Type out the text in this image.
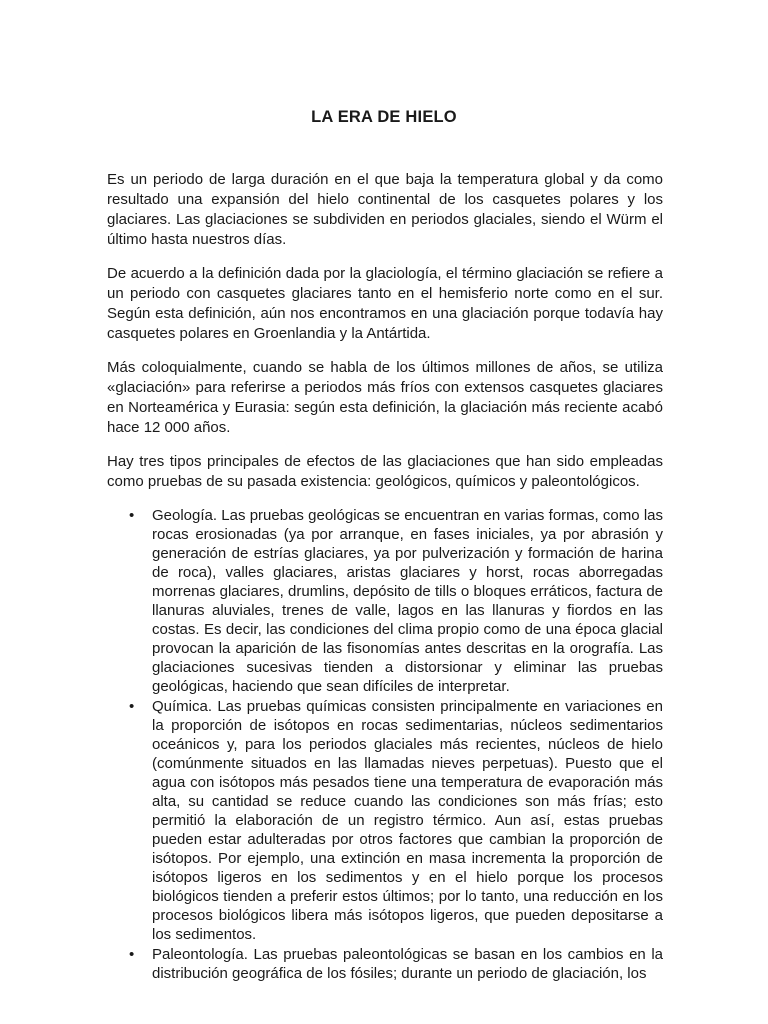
LA ERA DE HIELO

Es un periodo de larga duración en el que baja la temperatura global y da como resultado una expansión del hielo continental de los casquetes polares y los glaciares. Las glaciaciones se subdividen en periodos glaciales, siendo el Würm el último hasta nuestros días.

De acuerdo a la definición dada por la glaciología, el término glaciación se refiere a un periodo con casquetes glaciares tanto en el hemisferio norte como en el sur. Según esta definición, aún nos encontramos en una glaciación porque todavía hay casquetes polares en Groenlandia y la Antártida.

Más coloquialmente, cuando se habla de los últimos millones de años, se utiliza «glaciación» para referirse a periodos más fríos con extensos casquetes glaciares en Norteamérica y Eurasia: según esta definición, la glaciación más reciente acabó hace 12 000 años.

Hay tres tipos principales de efectos de las glaciaciones que han sido empleadas como pruebas de su pasada existencia: geológicos, químicos y paleontológicos.

• Geología. Las pruebas geológicas se encuentran en varias formas, como las rocas erosionadas (ya por arranque, en fases iniciales, ya por abrasión y generación de estrías glaciares, ya por pulverización y formación de harina de roca), valles glaciares, aristas glaciares y horst, rocas aborregadas morrenas glaciares, drumlins, depósito de tills o bloques erráticos, factura de llanuras aluviales, trenes de valle, lagos en las llanuras y fiordos en las costas. Es decir, las condiciones del clima propio como de una época glacial provocan la aparición de las fisonomías antes descritas en la orografía. Las glaciaciones sucesivas tienden a distorsionar y eliminar las pruebas geológicas, haciendo que sean difíciles de interpretar.
• Química. Las pruebas químicas consisten principalmente en variaciones en la proporción de isótopos en rocas sedimentarias, núcleos sedimentarios oceánicos y, para los periodos glaciales más recientes, núcleos de hielo (comúnmente situados en las llamadas nieves perpetuas). Puesto que el agua con isótopos más pesados tiene una temperatura de evaporación más alta, su cantidad se reduce cuando las condiciones son más frías; esto permitió la elaboración de un registro térmico. Aun así, estas pruebas pueden estar adulteradas por otros factores que cambian la proporción de isótopos. Por ejemplo, una extinción en masa incrementa la proporción de isótopos ligeros en los sedimentos y en el hielo porque los procesos biológicos tienden a preferir estos últimos; por lo tanto, una reducción en los procesos biológicos libera más isótopos ligeros, que pueden depositarse a los sedimentos.
• Paleontología. Las pruebas paleontológicas se basan en los cambios en la distribución geográfica de los fósiles; durante un periodo de glaciación, los
